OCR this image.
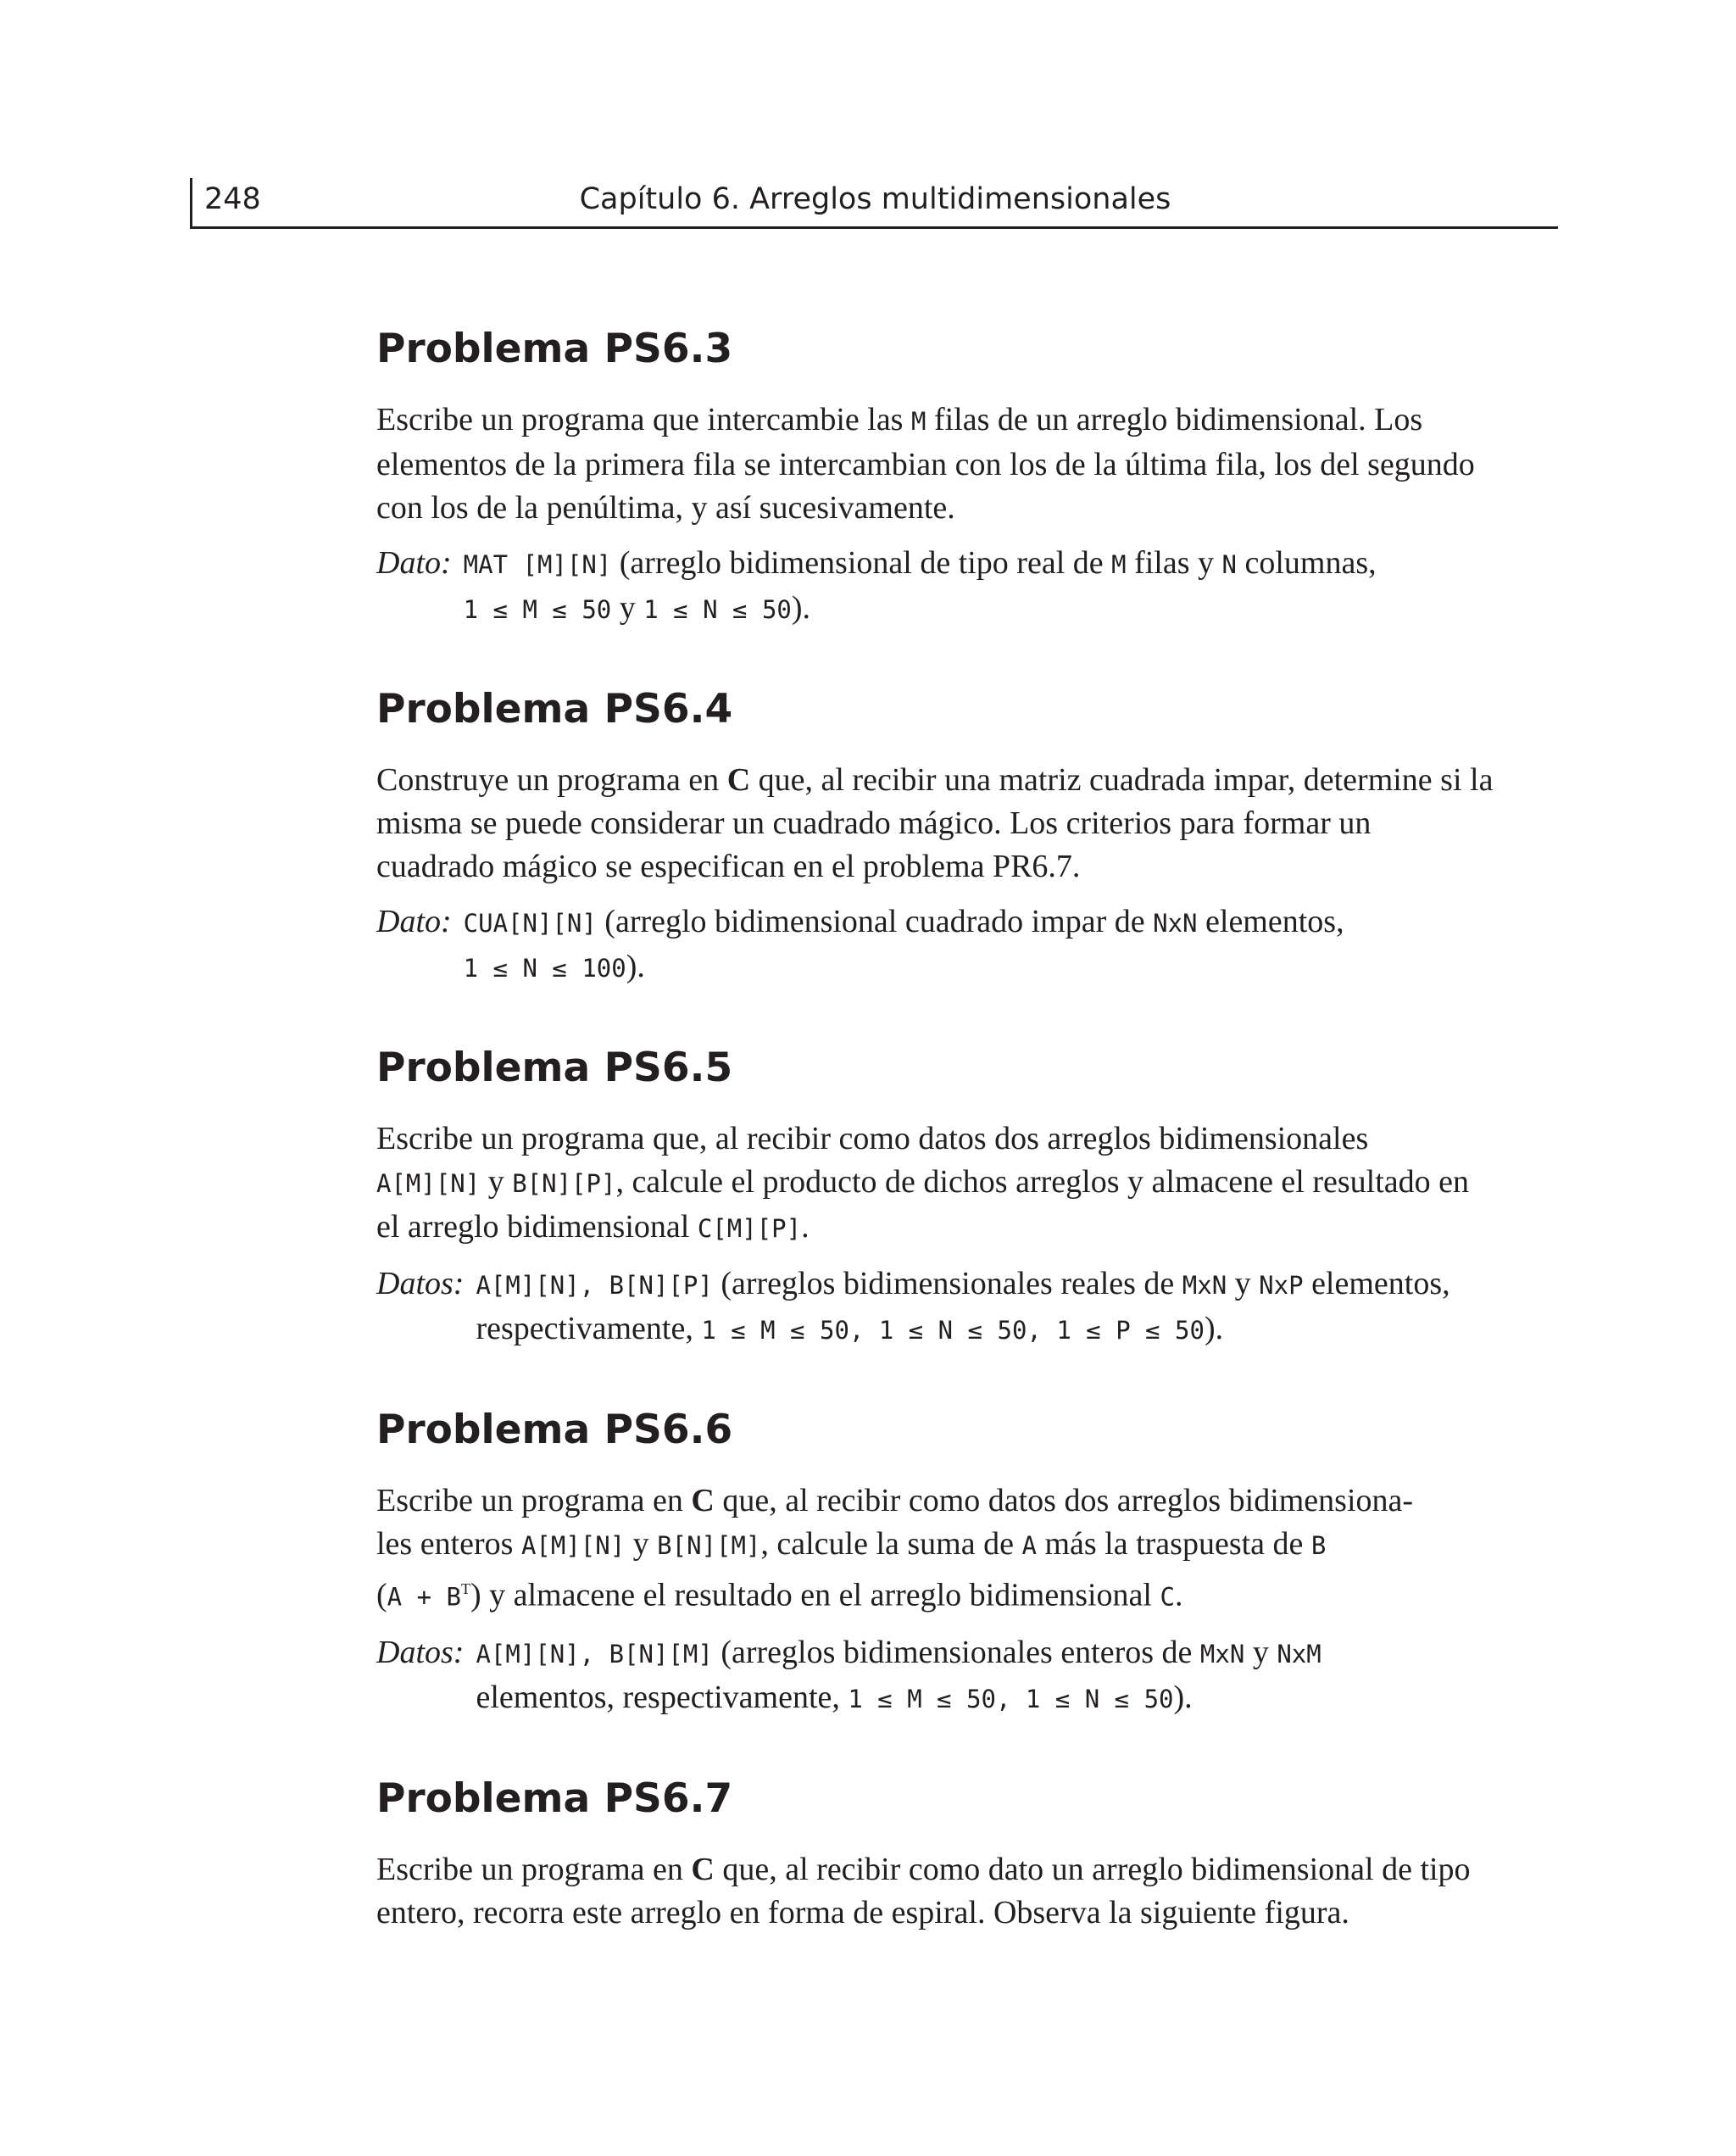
248	Capítulo 6. Arreglos multidimensionales
Problema PS6.3

Escribe un programa que intercambie las M filas de un arreglo bidimensional. Los elementos de la primera fila se intercambian con los de la última fila, los del segundo con los de la penúltima, y así sucesivamente.

Dato: MAT [M][N] (arreglo bidimensional de tipo real de M filas y N columnas,
1 ≤ M ≤ 50 y 1 ≤ N ≤ 50).
Problema PS6.4

Construye un programa en C que, al recibir una matriz cuadrada impar, determine si la misma se puede considerar un cuadrado mágico. Los criterios para formar un cuadrado mágico se especifican en el problema PR6.7.

Dato: CUA[N][N] (arreglo bidimensional cuadrado impar de NxN elementos,
1 ≤ N ≤ 100).
Problema PS6.5

Escribe un programa que, al recibir como datos dos arreglos bidimensionales
A[M][N] y B[N][P], calcule el producto de dichos arreglos y almacene el resultado en el arreglo bidimensional C[M][P].

Datos: A[M][N], B[N][P] (arreglos bidimensionales reales de MxN y NxP elementos,
respectivamente, 1 ≤ M ≤ 50, 1 ≤ N ≤ 50, 1 ≤ P ≤ 50).
Problema PS6.6

Escribe un programa en C que, al recibir como datos dos arreglos bidimensiona-
les enteros A[M][N] y B[N][M], calcule la suma de A más la traspuesta de B
$(A + B^T)$ y almacene el resultado en el arreglo bidimensional C.

Datos: A[M][N], B[N][M] (arreglos bidimensionales enteros de MxN y NxM
elementos, respectivamente, 1 ≤ M ≤ 50, 1 ≤ N ≤ 50).
Problema PS6.7

Escribe un programa en C que, al recibir como dato un arreglo bidimensional de tipo entero, recorra este arreglo en forma de espiral. Observa la siguiente figura.
